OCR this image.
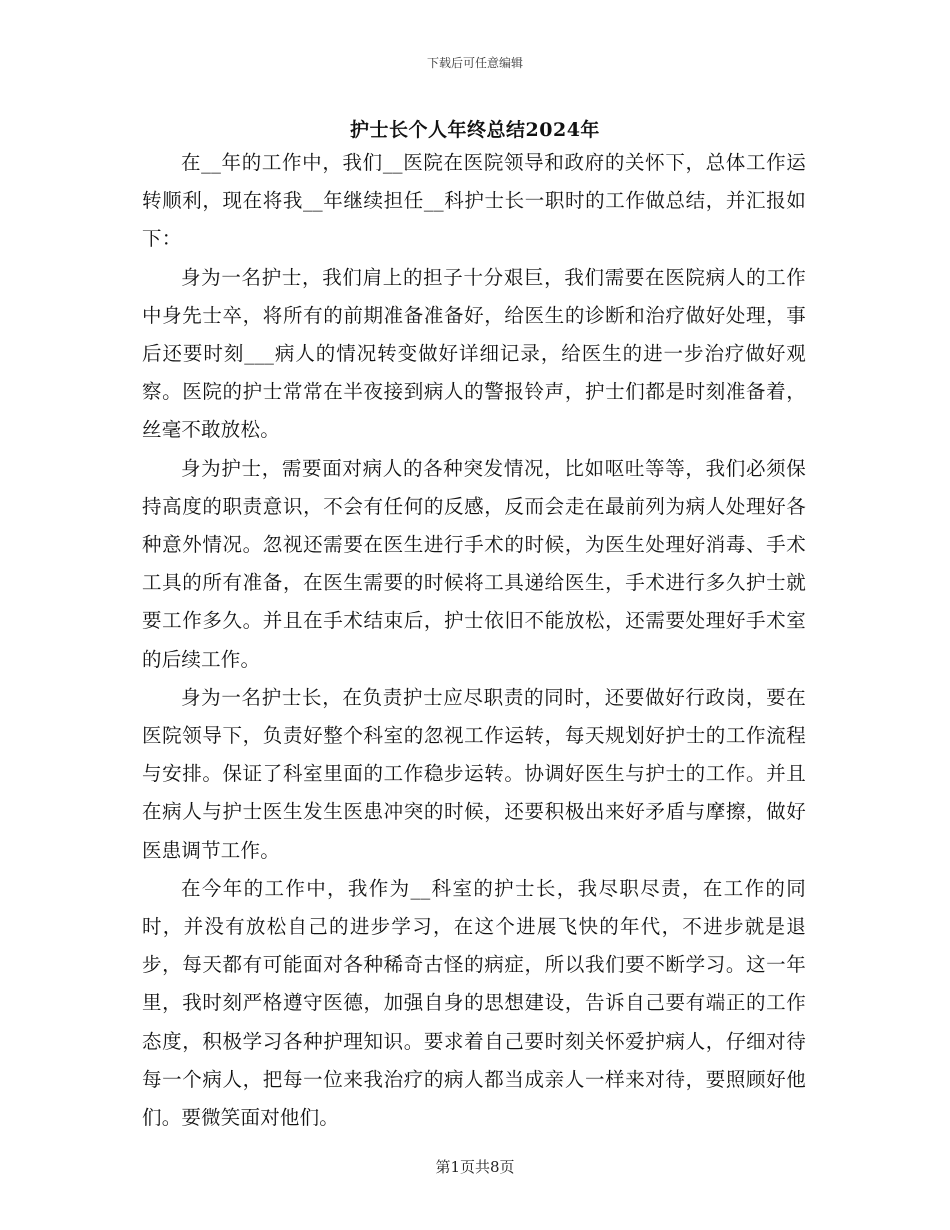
下载后可任意编辑
护士长个人年终总结2024年

在__年的工作中，我们__医院在医院领导和政府的关怀下，总体工作运转顺利，现在将我__年继续担任__科护士长一职时的工作做总结，并汇报如下：

身为一名护士，我们肩上的担子十分艰巨，我们需要在医院病人的工作中身先士卒，将所有的前期准备准备好，给医生的诊断和治疗做好处理，事后还要时刻___病人的情况转变做好详细记录，给医生的进一步治疗做好观察。医院的护士常常在半夜接到病人的警报铃声，护士们都是时刻准备着，丝毫不敢放松。

身为护士，需要面对病人的各种突发情况，比如呕吐等等，我们必须保持高度的职责意识，不会有任何的反感，反而会走在最前列为病人处理好各种意外情况。忽视还需要在医生进行手术的时候，为医生处理好消毒、手术工具的所有准备，在医生需要的时候将工具递给医生，手术进行多久护士就要工作多久。并且在手术结束后，护士依旧不能放松，还需要处理好手术室的后续工作。

身为一名护士长，在负责护士应尽职责的同时，还要做好行政岗，要在医院领导下，负责好整个科室的忽视工作运转，每天规划好护士的工作流程与安排。保证了科室里面的工作稳步运转。协调好医生与护士的工作。并且在病人与护士医生发生医患冲突的时候，还要积极出来好矛盾与摩擦，做好医患调节工作。

在今年的工作中，我作为__科室的护士长，我尽职尽责，在工作的同时，并没有放松自己的进步学习，在这个进展飞快的年代，不进步就是退步，每天都有可能面对各种稀奇古怪的病症，所以我们要不断学习。这一年里，我时刻严格遵守医德，加强自身的思想建设，告诉自己要有端正的工作态度，积极学习各种护理知识。要求着自己要时刻关怀爱护病人，仔细对待每一个病人，把每一位来我治疗的病人都当成亲人一样来对待，要照顾好他们。要微笑面对他们。

第1页共8页
